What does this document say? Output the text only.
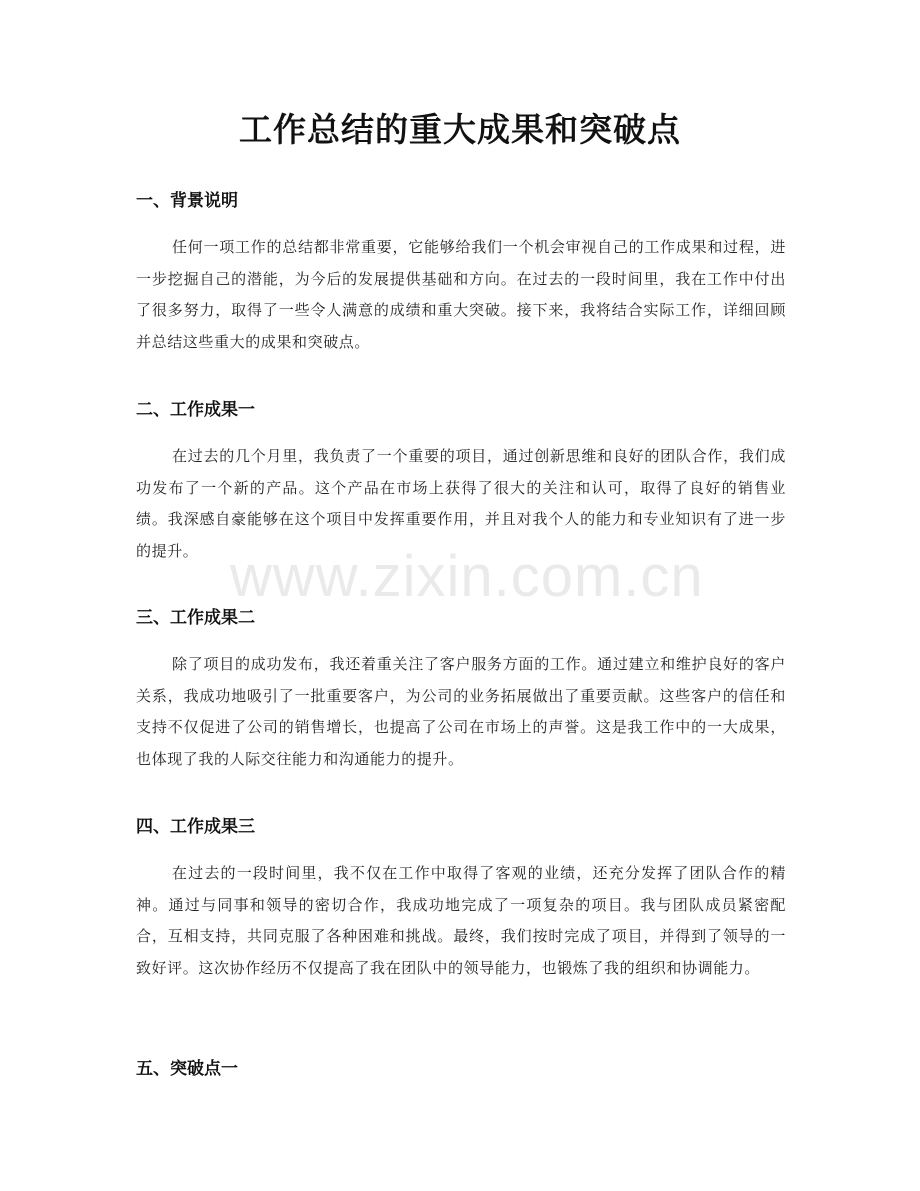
工作总结的重大成果和突破点
一、背景说明

任何一项工作的总结都非常重要，它能够给我们一个机会审视自己的工作成果和过程，进一步挖掘自己的潜能，为今后的发展提供基础和方向。在过去的一段时间里，我在工作中付出了很多努力，取得了一些令人满意的成绩和重大突破。接下来，我将结合实际工作，详细回顾并总结这些重大的成果和突破点。

二、工作成果一

在过去的几个月里，我负责了一个重要的项目，通过创新思维和良好的团队合作，我们成功发布了一个新的产品。这个产品在市场上获得了很大的关注和认可，取得了良好的销售业绩。我深感自豪能够在这个项目中发挥重要作用，并且对我个人的能力和专业知识有了进一步的提升。

三、工作成果二

除了项目的成功发布，我还着重关注了客户服务方面的工作。通过建立和维护良好的客户关系，我成功地吸引了一批重要客户，为公司的业务拓展做出了重要贡献。这些客户的信任和支持不仅促进了公司的销售增长，也提高了公司在市场上的声誉。这是我工作中的一大成果，也体现了我的人际交往能力和沟通能力的提升。

四、工作成果三

在过去的一段时间里，我不仅在工作中取得了客观的业绩，还充分发挥了团队合作的精神。通过与同事和领导的密切合作，我成功地完成了一项复杂的项目。我与团队成员紧密配合，互相支持，共同克服了各种困难和挑战。最终，我们按时完成了项目，并得到了领导的一致好评。这次协作经历不仅提高了我在团队中的领导能力，也锻炼了我的组织和协调能力。

五、突破点一
www.zixin.com.cn
